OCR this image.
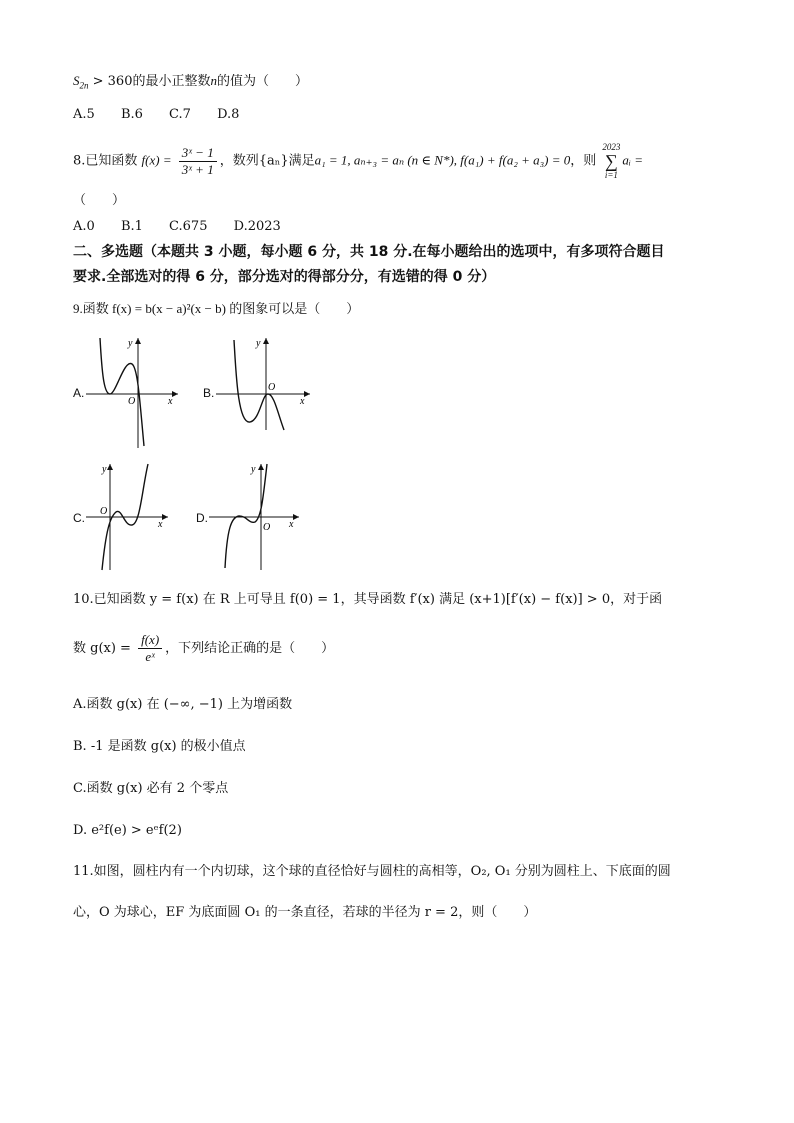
$S_{2n} > 360$的最小正整数n的值为（　　）
A.5 B.6 C.7 D.8
8.已知函数 $f(x) = \frac{\text{3ˣ − 1}}{\text{3ˣ + 1}}$ ，数列{aₙ}满足a₁ = 1, aₙ₊₃ = aₙ (n ∈ N*), f(a₁) + f(a₂ + a₃) = 0，则
2023
∑
i=1
aᵢ =
（　　）
A.0 B.1 C.675 D.2023
二、多选题（本题共 3 小题，每小题 6 分，共 18 分.在每小题给出的选项中，有多项符合题目
要求.全部选对的得 6 分，部分选对的得部分分，有选错的得 0 分）
9.函数 f(x) = b(x − a)²(x − b) 的图象可以是（　　）
A.
x
y
O
B.
x
y
O
C.	x
y
O	D.	x
y
O
10.已知函数 y = f(x) 在 R 上可导且 f(0) = 1，其导函数 f′(x) 满足 (x+1)[f′(x) − f(x)] > 0，对于函
数 $g(x) = \frac{f(x)}{\text{eˣ}}$ ，下列结论正确的是（　　）
A.函数 g(x) 在 (−∞, −1) 上为增函数
B. -1 是函数 g(x) 的极小值点
C.函数 g(x) 必有 2 个零点
D. e²f(e) > eᵉf(2)
11.如图，圆柱内有一个内切球，这个球的直径恰好与圆柱的高相等，O₂, O₁ 分别为圆柱上、下底面的圆
心，O 为球心，EF 为底面圆 O₁ 的一条直径，若球的半径为 r = 2，则（　　）
